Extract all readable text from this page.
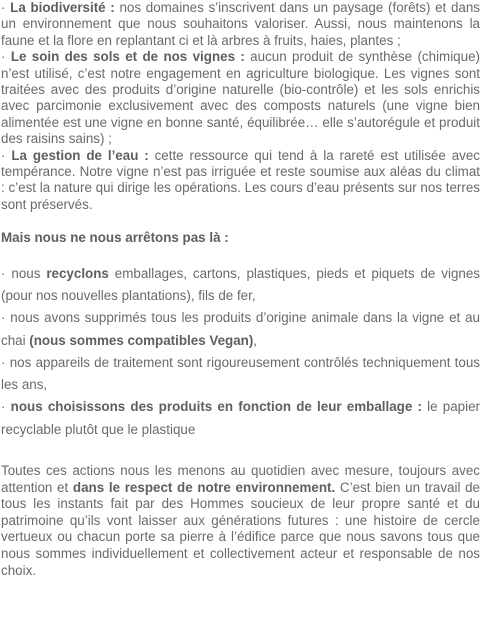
· La biodiversité : nos domaines s’inscrivent dans un paysage (forêts) et dans un environnement que nous souhaitons valoriser. Aussi, nous maintenons la faune et la flore en replantant ci et là arbres à fruits, haies, plantes ;

· Le soin des sols et de nos vignes : aucun produit de synthèse (chimique) n’est utilisé, c’est notre engagement en agriculture biologique. Les vignes sont traitées avec des produits d’origine naturelle (bio-contrôle) et les sols enrichis avec parcimonie exclusivement avec des composts naturels (une vigne bien alimentée est une vigne en bonne santé, équilibrée… elle s’autorégule et produit des raisins sains) ;

· La gestion de l’eau : cette ressource qui tend à la rareté est utilisée avec tempérance. Notre vigne n’est pas irriguée et reste soumise aux aléas du climat : c’est la nature qui dirige les opérations. Les cours d’eau présents sur nos terres sont préservés.

Mais nous ne nous arrêtons pas là :

· nous recyclons emballages, cartons, plastiques, pieds et piquets de vignes (pour nos nouvelles plantations), fils de fer,

· nous avons supprimés tous les produits d’origine animale dans la vigne et au chai (nous sommes compatibles Vegan),

· nos appareils de traitement sont rigoureusement contrôlés techniquement tous les ans,

· nous choisissons des produits en fonction de leur emballage : le papier recyclable plutôt que le plastique

Toutes ces actions nous les menons au quotidien avec mesure, toujours avec attention et dans le respect de notre environnement. C’est bien un travail de tous les instants fait par des Hommes soucieux de leur propre santé et du patrimoine qu’ils vont laisser aux générations futures : une histoire de cercle vertueux ou chacun porte sa pierre à l’édifice parce que nous savons tous que nous sommes individuellement et collectivement acteur et responsable de nos choix.
